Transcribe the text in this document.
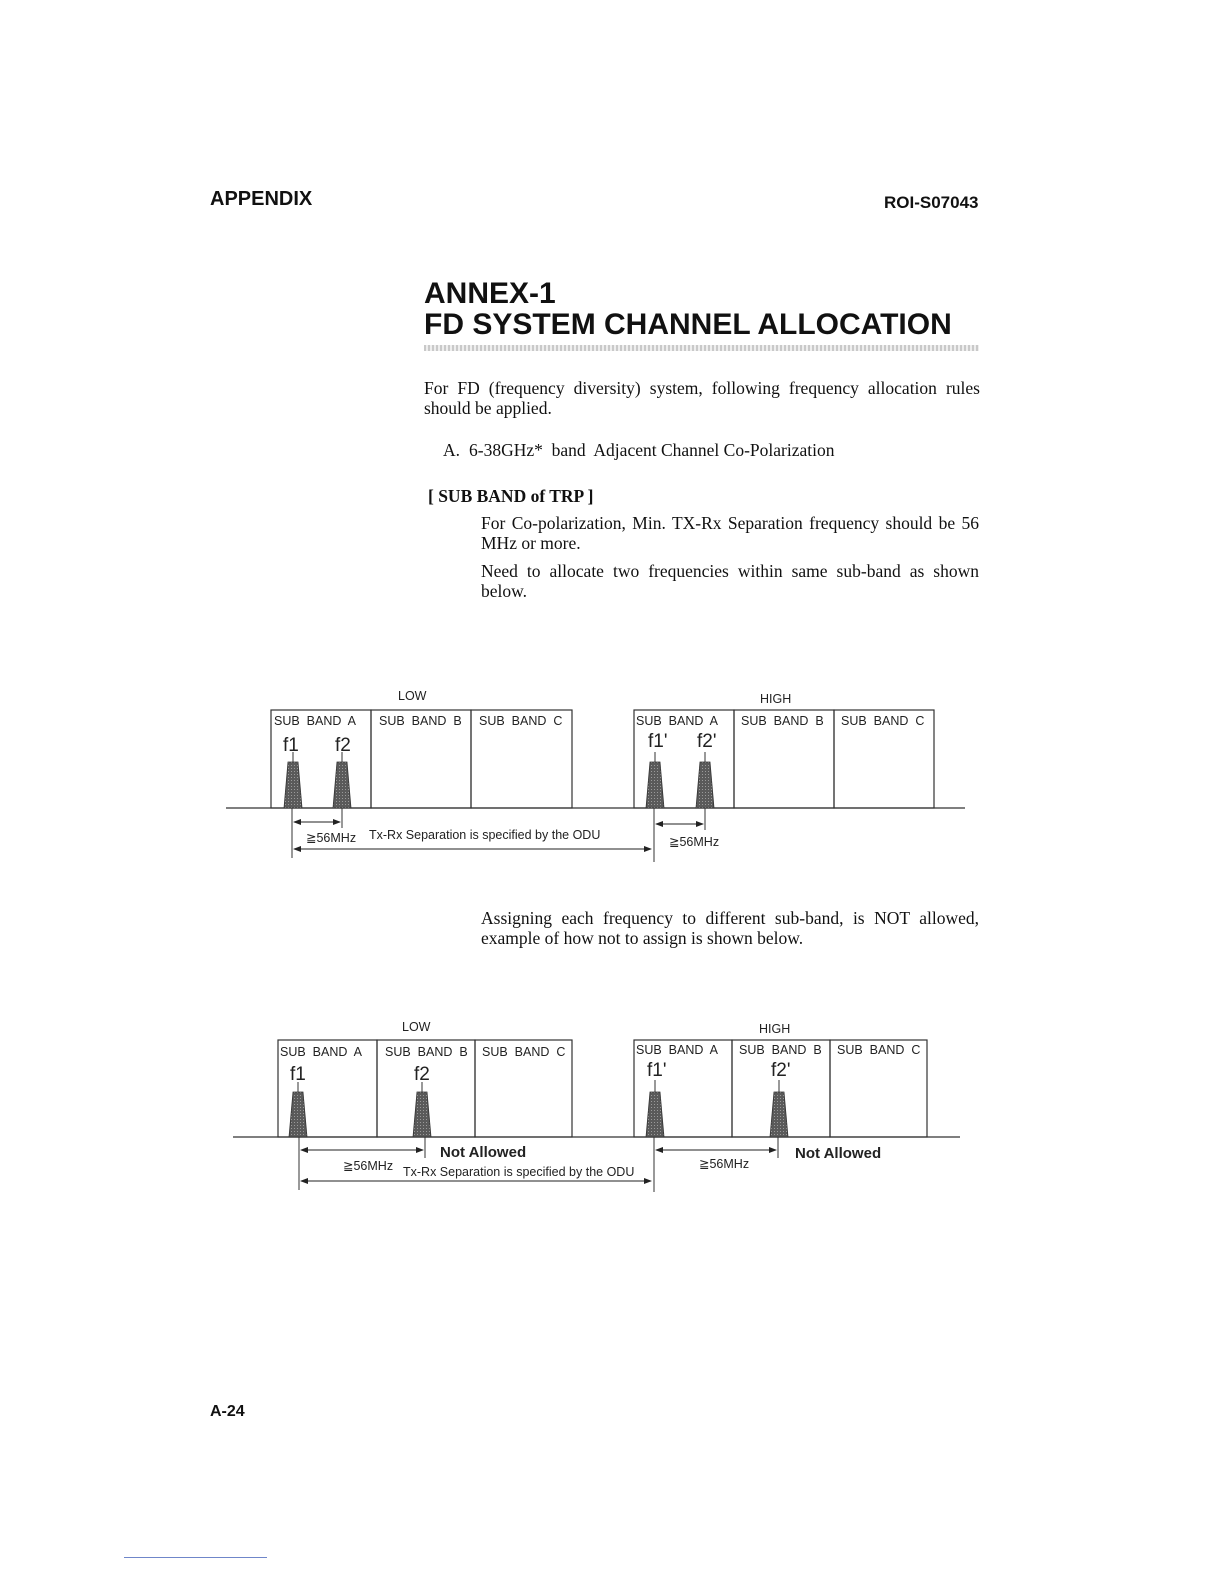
APPENDIX	ROI-S07043
ANNEX-1
FD SYSTEM CHANNEL ALLOCATION
For FD (frequency diversity) system, following frequency allocation rules should be applied.
A. 6-38GHz*  band  Adjacent Channel Co-Polarization
[ SUB BAND of TRP ]
For Co-polarization, Min. TX-Rx Separation frequency should be 56 MHz or more.
Need to allocate two frequencies within same sub-band as shown below.
LOW	HIGH
SUB  BAND  A SUB  BAND  B SUB  BAND  C	SUB  BAND  A SUB  BAND  B SUB  BAND  C
f1 f2	f1' f2'
≧56MHz Tx-Rx Separation is specified by the ODU	≧56MHz
Assigning each frequency to different sub-band, is NOT allowed, example of how not to assign is shown below.
LOW	HIGH
SUB  BAND  A SUB  BAND  B SUB  BAND  C	SUB  BAND  A SUB  BAND  B SUB  BAND  C
f1	f2	f1'	f2'
Not Allowed
≧56MHz Tx-Rx Separation is specified by the ODU
Not Allowed
≧56MHz
A-24
